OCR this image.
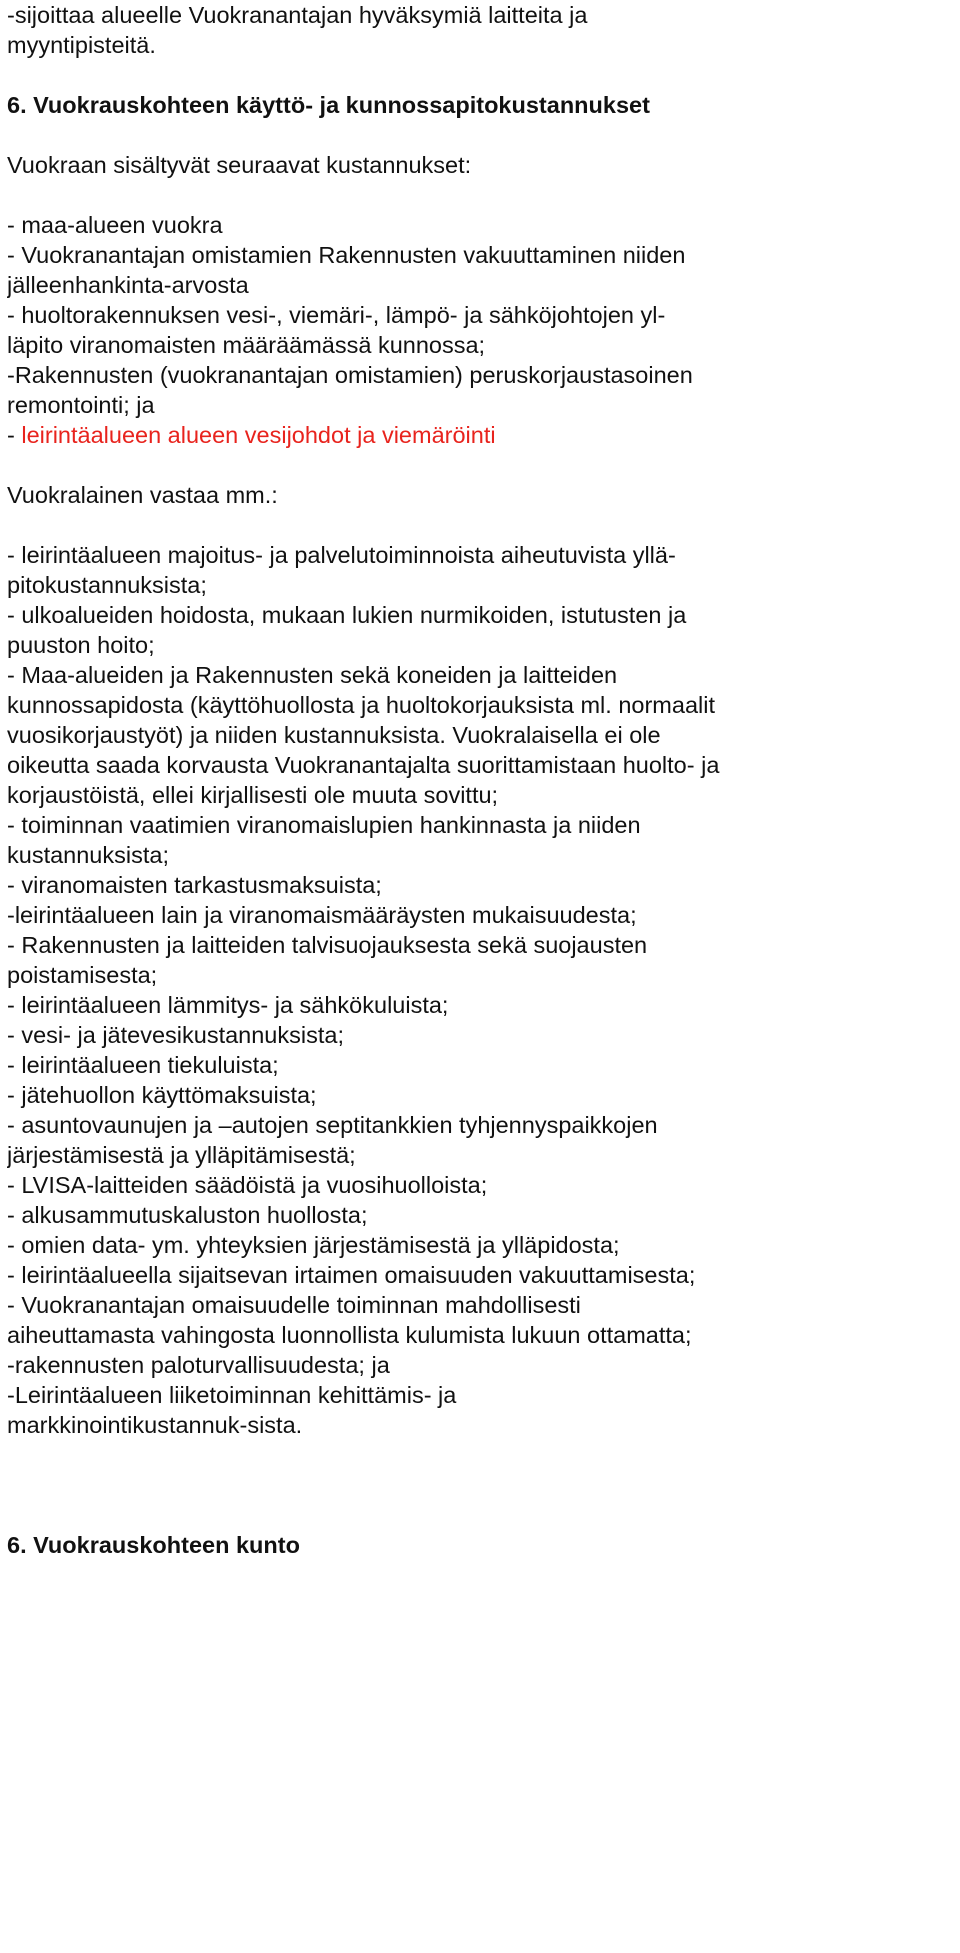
-sijoittaa alueelle Vuokranantajan hyväksymiä laitteita ja
myyntipisteitä.
6. Vuokrauskohteen käyttö- ja kunnossapitokustannukset
Vuokraan sisältyvät seuraavat kustannukset:
- maa-alueen vuokra
- Vuokranantajan omistamien Rakennusten vakuuttaminen niiden
jälleenhankinta-arvosta
- huoltorakennuksen vesi-, viemäri-, lämpö- ja sähköjohtojen yl-
läpito viranomaisten määräämässä kunnossa;
-Rakennusten (vuokranantajan omistamien) peruskorjaustasoinen
remontointi; ja
- leirintäalueen alueen vesijohdot ja viemäröinti
Vuokralainen vastaa mm.:
- leirintäalueen majoitus- ja palvelutoiminnoista aiheutuvista yllä-
pitokustannuksista;
- ulkoalueiden hoidosta, mukaan lukien nurmikoiden, istutusten ja
puuston hoito;
- Maa-alueiden ja Rakennusten sekä koneiden ja laitteiden
kunnossapidosta (käyttöhuollosta ja huoltokorjauksista ml. normaalit
vuosikorjaustyöt) ja niiden kustannuksista. Vuokralaisella ei ole
oikeutta saada korvausta Vuokranantajalta suorittamistaan huolto- ja
korjaustöistä, ellei kirjallisesti ole muuta sovittu;
- toiminnan vaatimien viranomaislupien hankinnasta ja niiden
kustannuksista;
- viranomaisten tarkastusmaksuista;
-leirintäalueen lain ja viranomaismääräysten mukaisuudesta;
- Rakennusten ja laitteiden talvisuojauksesta sekä suojausten
poistamisesta;
- leirintäalueen lämmitys- ja sähkökuluista;
- vesi- ja jätevesikustannuksista;
- leirintäalueen tiekuluista;
- jätehuollon käyttömaksuista;
- asuntovaunujen ja –autojen septitankkien tyhjennyspaikkojen
järjestämisestä ja ylläpitämisestä;
- LVISA-laitteiden säädöistä ja vuosihuolloista;
- alkusammutuskaluston huollosta;
- omien data- ym. yhteyksien järjestämisestä ja ylläpidosta;
- leirintäalueella sijaitsevan irtaimen omaisuuden vakuuttamisesta;
- Vuokranantajan omaisuudelle toiminnan mahdollisesti
aiheuttamasta vahingosta luonnollista kulumista lukuun ottamatta;
-rakennusten paloturvallisuudesta; ja
-Leirintäalueen liiketoiminnan kehittämis- ja
markkinointikustannuk-sista.
6. Vuokrauskohteen kunto
